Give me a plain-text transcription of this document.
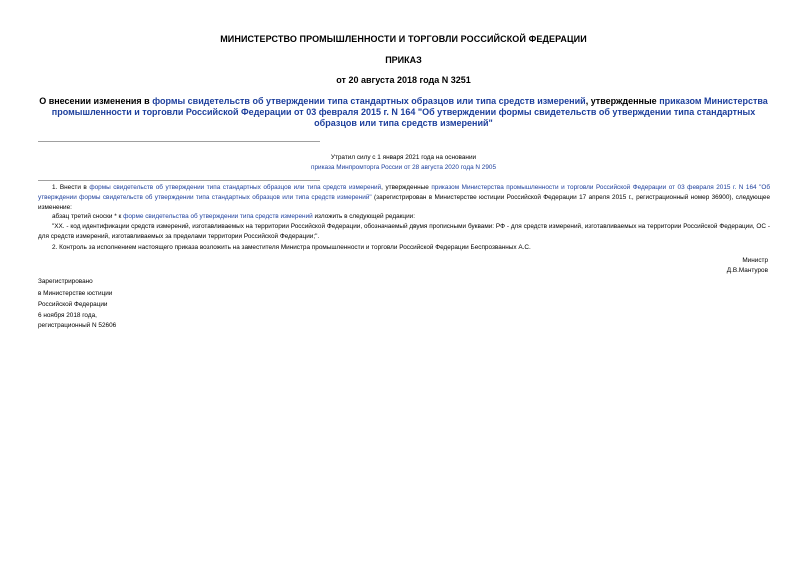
МИНИСТЕРСТВО ПРОМЫШЛЕННОСТИ И ТОРГОВЛИ РОССИЙСКОЙ ФЕДЕРАЦИИ
ПРИКАЗ
от 20 августа 2018 года N 3251
О внесении изменения в формы свидетельств об утверждении типа стандартных образцов или типа средств измерений, утвержденные приказом Министерства промышленности и торговли Российской Федерации от 03 февраля 2015 г. N 164 "Об утверждении формы свидетельств об утверждении типа стандартных образцов или типа средств измерений"
Утратил силу с 1 января 2021 года на основании
приказа Минпромторга России от 28 августа 2020 года N 2905
1. Внести в формы свидетельств об утверждении типа стандартных образцов или типа средств измерений, утвержденные приказом Министерства промышленности и торговли Российской Федерации от 03 февраля 2015 г. N 164 "Об утверждении формы свидетельств об утверждении типа стандартных образцов или типа средств измерений" (зарегистрирован в Министерстве юстиции Российской Федерации 17 апреля 2015 г., регистрационный номер 36900), следующее изменение:
абзац третий сноски * к форме свидетельства об утверждении типа средств измерений изложить в следующей редакции:
"XX. - код идентификации средств измерений, изготавливаемых на территории Российской Федерации, обозначаемый двумя прописными буквами: РФ - для средств измерений, изготавливаемых на территории Российской Федерации, ОС - для средств измерений, изготавливаемых за пределами территории Российской Федерации;".
2. Контроль за исполнением настоящего приказа возложить на заместителя Министра промышленности и торговли Российской Федерации Беспрозванных А.С.
Министр
Д.В.Мантуров
Зарегистрировано
в Министерстве юстиции
Российской Федерации
6 ноября 2018 года,
регистрационный N 52606
